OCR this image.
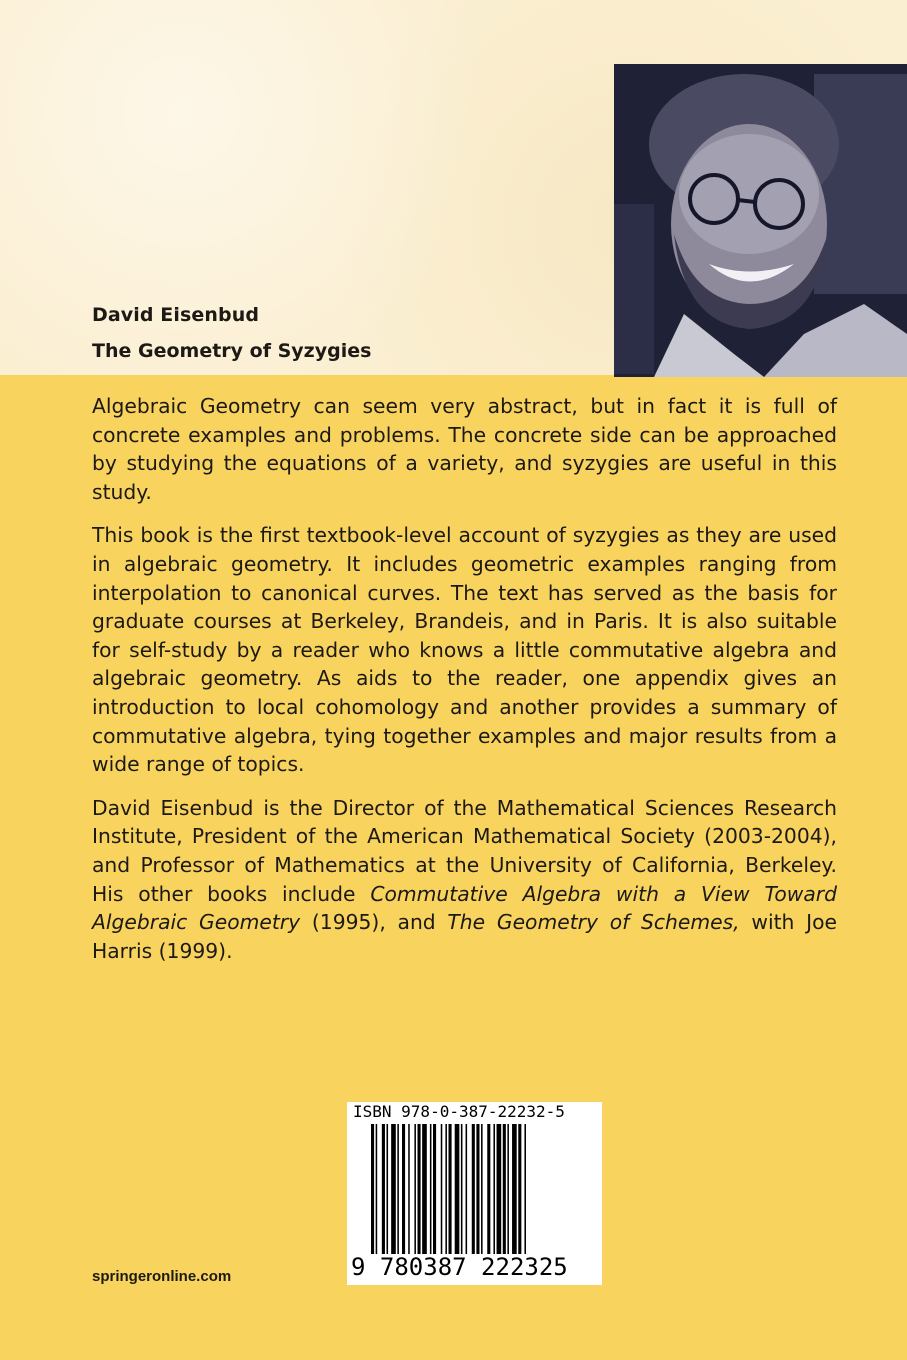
David Eisenbud
The Geometry of Syzygies

Algebraic Geometry can seem very abstract, but in fact it is full of concrete examples and problems. The concrete side can be approached by studying the equations of a variety, and syzygies are useful in this study.

This book is the first textbook-level account of syzygies as they are used in algebraic geometry. It includes geometric examples ranging from interpolation to canonical curves. The text has served as the basis for graduate courses at Berkeley, Brandeis, and in Paris. It is also suitable for self-study by a reader who knows a little commutative algebra and algebraic geometry. As aids to the reader, one appendix gives an introduction to local cohomology and another provides a summary of commutative algebra, tying together examples and major results from a wide range of topics.

David Eisenbud is the Director of the Mathematical Sciences Research Institute, President of the American Mathematical Society (2003-2004), and Professor of Mathematics at the University of California, Berkeley. His other books include Commutative Algebra with a View Toward Algebraic Geometry (1995), and The Geometry of Schemes, with Joe Harris (1999).

ISBN 978-0-387-22232-5
9 780387 222325
springeronline.com
